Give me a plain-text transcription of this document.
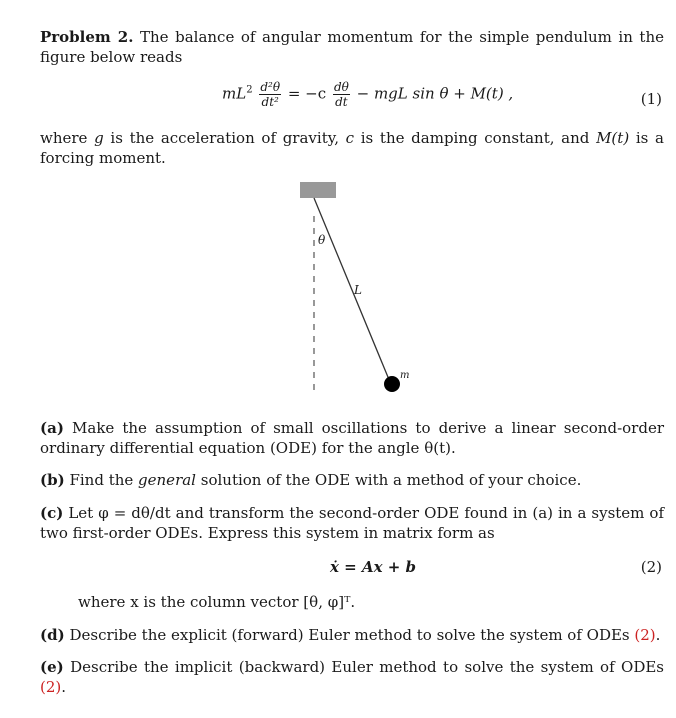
Problem 2. The balance of angular momentum for the simple pendulum in the figure below reads
$mL^2 \frac{\text{d²θ}}{\text{dt²}} = -c \frac{d\theta}{dt}$ − mgL sin θ + M(t) ,	(1)
where g is the acceleration of gravity, c is the damping constant, and M(t) is a forcing moment.
θ
L
m
(a) Make the assumption of small oscillations to derive a linear second-order ordinary differential equation (ODE) for the angle θ(t).
(b) Find the general solution of the ODE with a method of your choice.
(c) Let φ = dθ/dt and transform the second-order ODE found in (a) in a system of two first-order ODEs. Express this system in matrix form as
ẋ = Ax + b	(2)
where x is the column vector [θ, φ]ᵀ.
(d) Describe the explicit (forward) Euler method to solve the system of ODEs (2).
(e) Describe the implicit (backward) Euler method to solve the system of ODEs (2).
